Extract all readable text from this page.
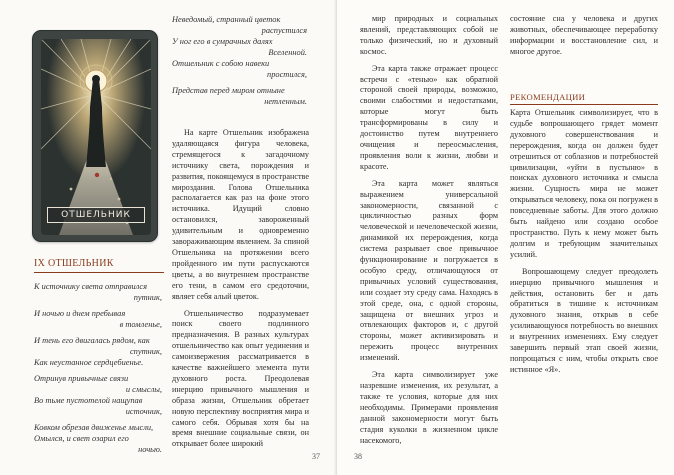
ОТШЕЛЬНИК
IX ОТШЕЛЬНИК
Неведомый, странный цветок
распустился
У ног его в сумрачных далях
Вселенной.
Отшельник с собою навеки
простился,
Представ перед миром отныне
нетленным.
К источнику света отправился
путник,
И ночью и днем пребывая
в томленье,
И тень его двигалась рядом, как
спутник,
Как неустанное сердцебиенье.
Отринув привычные связи
и смыслы,
Во тьме пустотелой нащупав
источник,
Ковком обрезав движенье мысли,
Омылся, и свет озарил его
ночью.

На карте Отшельник изображена удаляющаяся фигура человека, стремящегося к загадочному источнику света, порождения и развития, покоящемуся в пространстве мироздания. Голова Отшельника располагается как раз на фоне этого источника. Идущий словно остановился, завороженный удивительным и одновременно завораживающим явлением. За спиной Отшельника на протяжении всего пройденного им пути распускаются цветы, а во внутреннем пространстве его тени, в самом его средоточии, являет себя алый цветок.

Отшельничество подразумевает поиск своего подлинного предназначения. В разных культурах отшельничество как опыт уединения и самоизвержения рассматривается в качестве важнейшего элемента пути духовного роста. Преодолевая инерцию привычного мышления и образа жизни, Отшельник обретает новую перспективу восприятия мира и самого себя. Обрывая хотя бы на время внешние социальные связи, он открывает более широкий

37	38

мир природных и социальных явлений, представляющих собой не только физический, но и духовный космос.

Эта карта также отражает процесс встречи с «тенью» как обратной стороной своей природы, возможно, своими слабостями и недостатками, которые могут быть трансформированы в силу и достоинство путем внутреннего очищения и переосмысления, проявления воли к жизни, любви и красоте.

Эта карта может являться выражением универсальной закономерности, связанной с цикличностью разных форм человеческой и нечеловеческой жизни, динамикой их перерождения, когда система разрывает свое привычное функционирование и погружается в особую среду, отличающуюся от привычных условий существования, или создает эту среду сама. Находясь в этой среде, она, с одной стороны, защищена от внешних угроз и отвлекающих факторов и, с другой стороны, может активизировать и пережить процесс внутренних изменений.

Эта карта символизирует уже назревшие изменения, их результат, а также те условия, которые для них необходимы. Примерами проявления данной закономерности могут быть стадия куколки в жизненном цикле насекомого,

состояние сна у человека и других животных, обеспечивающее переработку информации и восстановление сил, и многое другое.

РЕКОМЕНДАЦИИ

Карта Отшельник символизирует, что в судьбе вопрошающего грядет момент духовного совершенствования и перерождения, когда он должен будет отрешиться от соблазнов и потребностей цивилизации, «уйти в пустыню» в поисках духовного источника и смысла жизни. Сущность мира не может открываться человеку, пока он погружен в повседневные заботы. Для этого должно быть найдено или создано особое пространство. Путь к нему может быть долгим и требующим значительных усилий.

Вопрошающему следует преодолеть инерцию привычного мышления и действия, остановить бег и дать обратиться в тишине к источникам духовного знания, открыв в себе усиливающуюся потребность во внешних и внутренних изменениях. Ему следует завершить первый этап своей жизни, попрощаться с ним, чтобы открыть свое истинное «Я».
